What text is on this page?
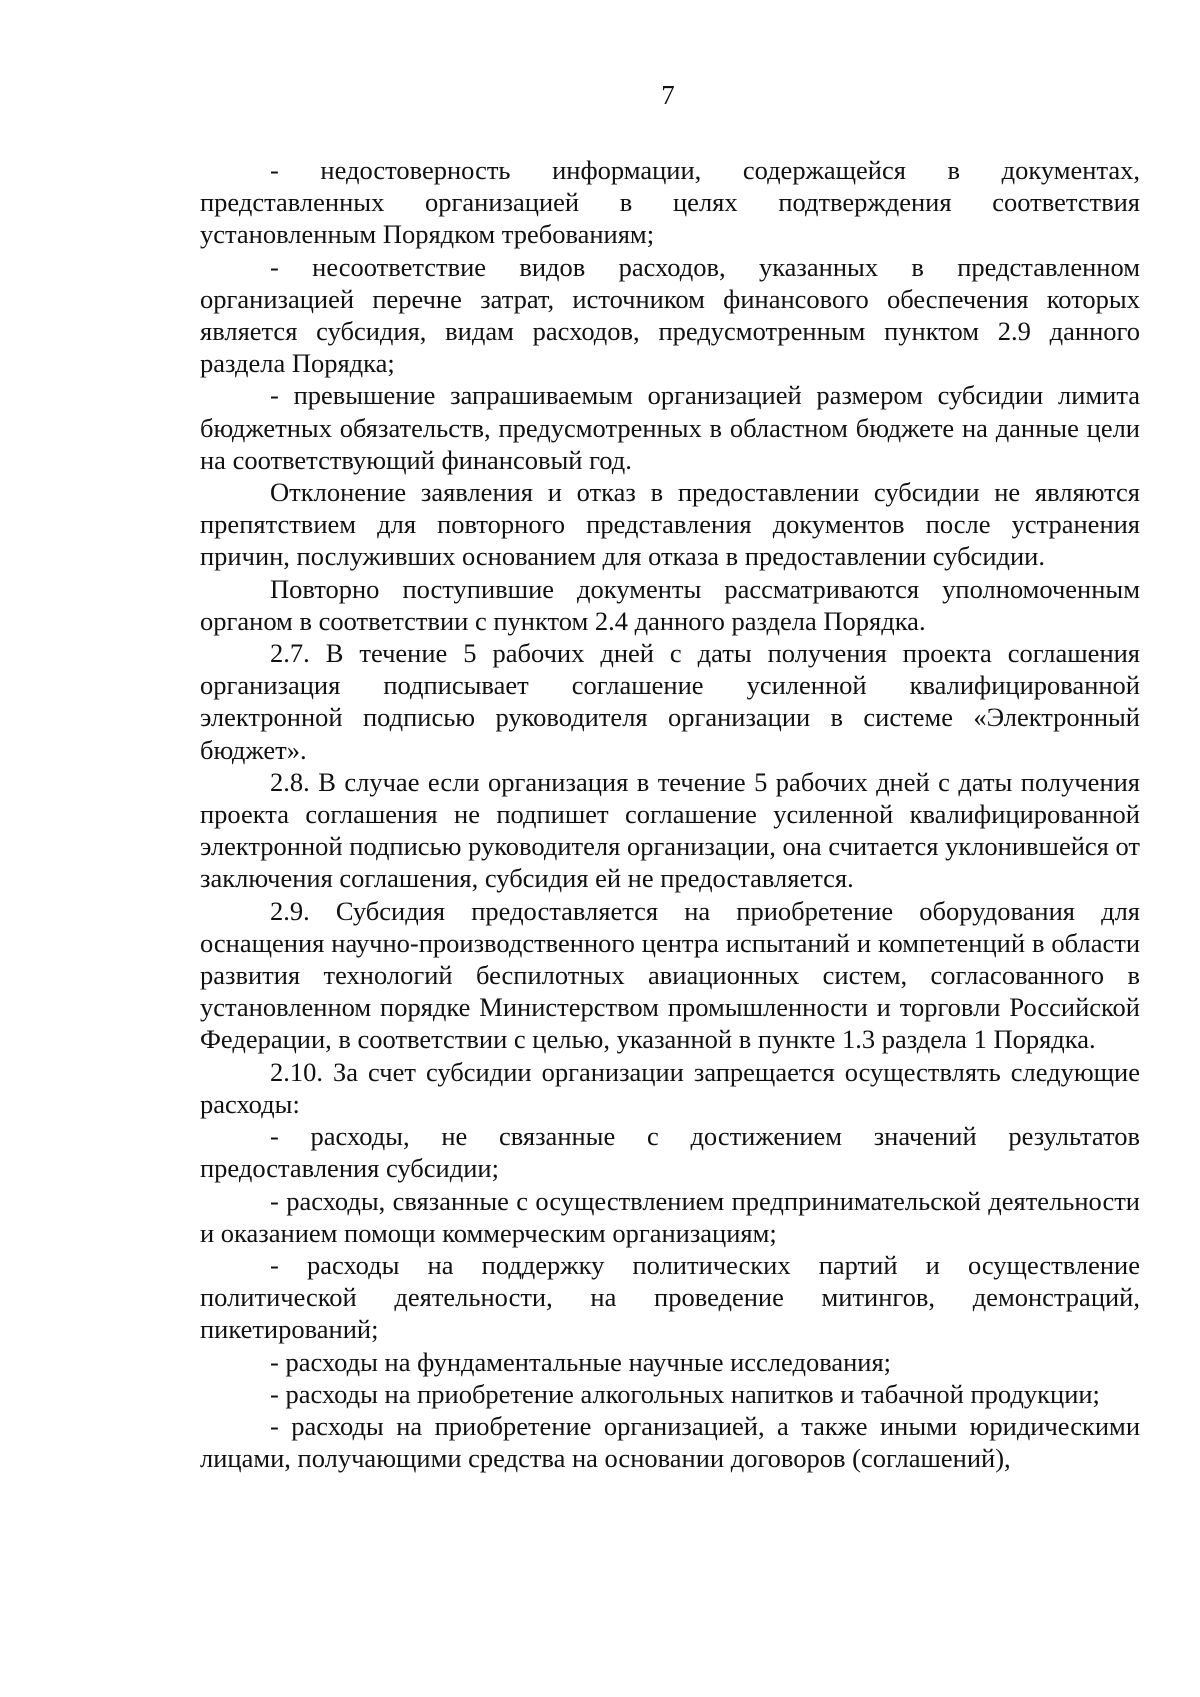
7

- недостоверность информации, содержащейся в документах, представленных организацией в целях подтверждения соответствия установленным Порядком требованиям;

- несоответствие видов расходов, указанных в представленном организацией перечне затрат, источником финансового обеспечения которых является субсидия, видам расходов, предусмотренным пунктом 2.9 данного раздела Порядка;

- превышение запрашиваемым организацией размером субсидии лимита бюджетных обязательств, предусмотренных в областном бюджете на данные цели на соответствующий финансовый год.

Отклонение заявления и отказ в предоставлении субсидии не являются препятствием для повторного представления документов после устранения причин, послуживших основанием для отказа в предоставлении субсидии.

Повторно поступившие документы рассматриваются уполномоченным органом в соответствии с пунктом 2.4 данного раздела Порядка.

2.7. В течение 5 рабочих дней с даты получения проекта соглашения организация подписывает соглашение усиленной квалифицированной электронной подписью руководителя организации в системе «Электронный бюджет».

2.8. В случае если организация в течение 5 рабочих дней с даты получения проекта соглашения не подпишет соглашение усиленной квалифицированной электронной подписью руководителя организации, она считается уклонившейся от заключения соглашения, субсидия ей не предоставляется.

2.9. Субсидия предоставляется на приобретение оборудования для оснащения научно-производственного центра испытаний и компетенций в области развития технологий беспилотных авиационных систем, согласованного в установленном порядке Министерством промышленности и торговли Российской Федерации, в соответствии с целью, указанной в пункте 1.3 раздела 1 Порядка.

2.10. За счет субсидии организации запрещается осуществлять следующие расходы:

- расходы, не связанные с достижением значений результатов предоставления субсидии;

- расходы, связанные с осуществлением предпринимательской деятельности и оказанием помощи коммерческим организациям;

- расходы на поддержку политических партий и осуществление политической деятельности, на проведение митингов, демонстраций, пикетирований;

- расходы на фундаментальные научные исследования;

- расходы на приобретение алкогольных напитков и табачной продукции;

- расходы на приобретение организацией, а также иными юридическими лицами, получающими средства на основании договоров (соглашений),
